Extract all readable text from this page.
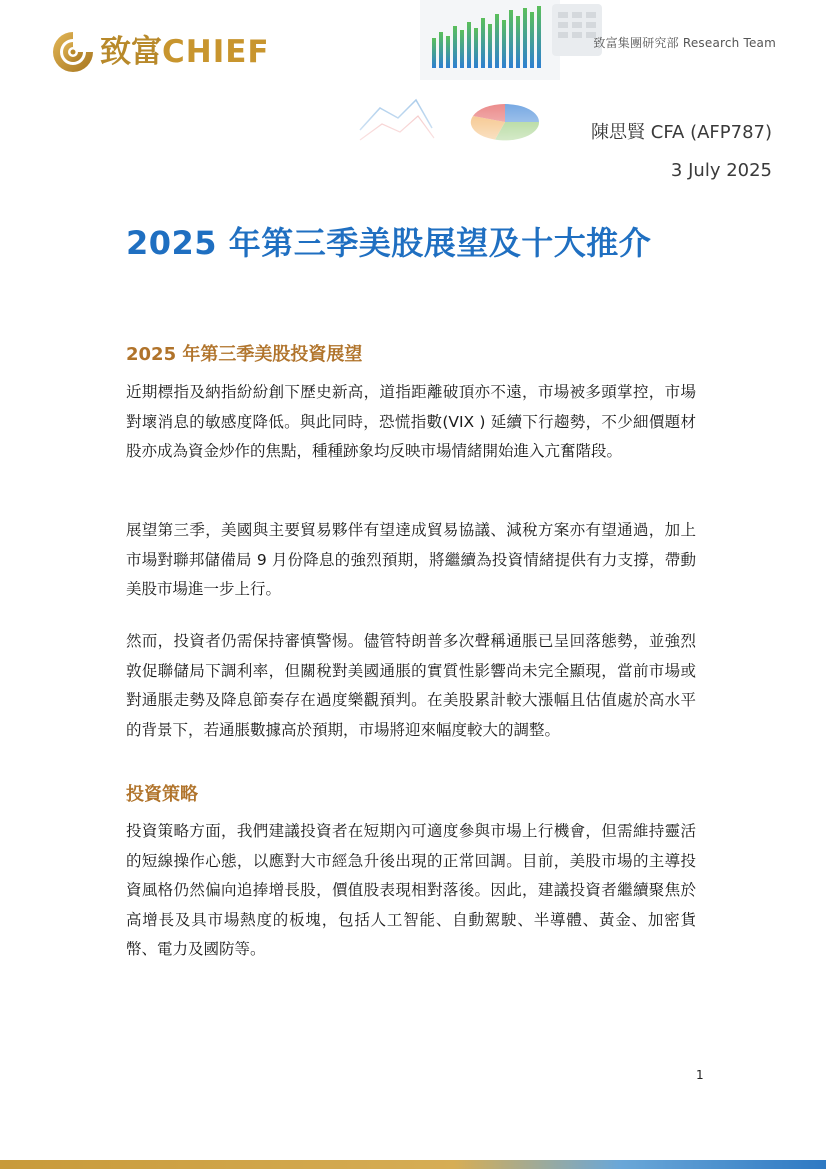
致富CHIEF	致富集團研究部 Research Team
陳思賢 CFA (AFP787)
3 July 2025
2025 年第三季美股展望及十大推介
2025 年第三季美股投資展望

近期標指及納指紛紛創下歷史新高，道指距離破頂亦不遠，市場被多頭掌控，市場對壞消息的敏感度降低。與此同時，恐慌指數(VIX ) 延續下行趨勢，不少細價題材股亦成為資金炒作的焦點，種種跡象均反映市場情緒開始進入亢奮階段。

展望第三季，美國與主要貿易夥伴有望達成貿易協議、減稅方案亦有望通過，加上市場對聯邦儲備局 9 月份降息的強烈預期，將繼續為投資情緒提供有力支撐，帶動美股市場進一步上行。

然而，投資者仍需保持審慎警惕。儘管特朗普多次聲稱通脹已呈回落態勢，並強烈敦促聯儲局下調利率，但關稅對美國通脹的實質性影響尚未完全顯現，當前市場或對通脹走勢及降息節奏存在過度樂觀預判。在美股累計較大漲幅且估值處於高水平的背景下，若通脹數據高於預期，市場將迎來幅度較大的調整。

投資策略

投資策略方面，我們建議投資者在短期內可適度參與市場上行機會，但需維持靈活的短線操作心態，以應對大市經急升後出現的正常回調。目前，美股市場的主導投資風格仍然偏向追捧增長股，價值股表現相對落後。因此，建議投資者繼續聚焦於高增長及具市場熱度的板塊，包括人工智能、自動駕駛、半導體、黃金、加密貨幣、電力及國防等。

1
